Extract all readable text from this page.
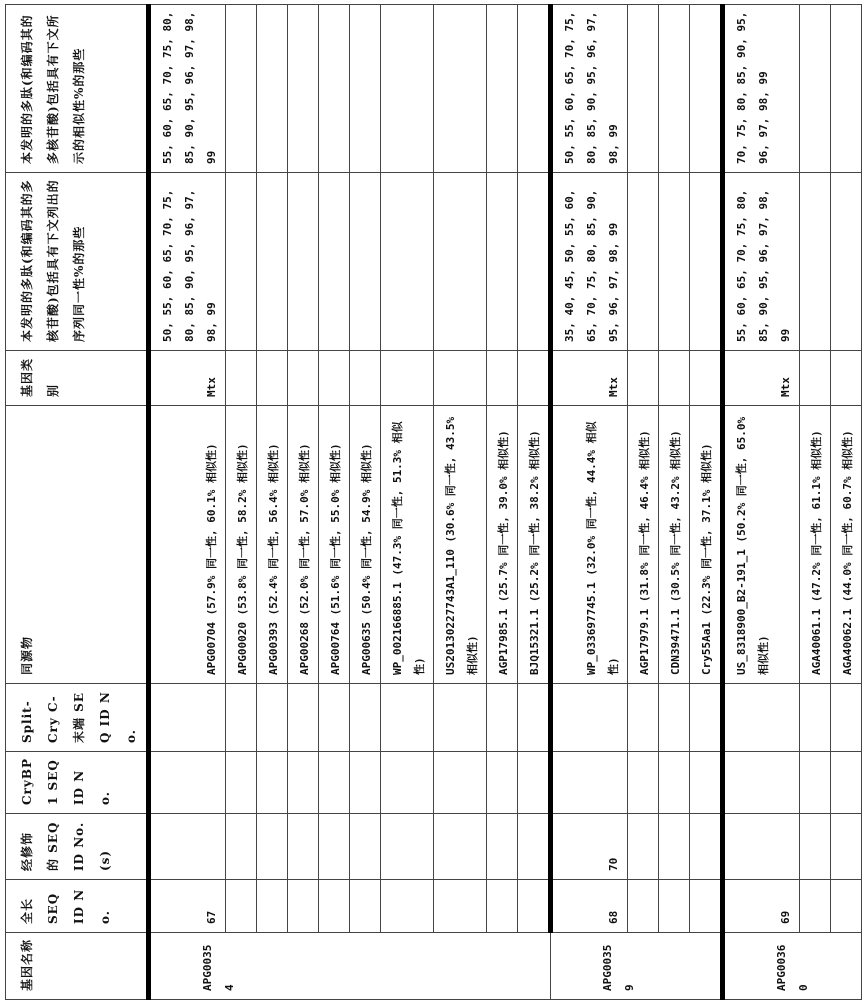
基因名称	全长 SEQ ID No.	经修饰的 SEQID No. (s)	CryBP1 SEQ ID No.	Split-Cry C-末端 SEQ ID No.	同源物	基因类别	本发明的多肽(和编码其的多核苷酸)包括具有下文列出的序列同一性%的那些	本发明的多肽(和编码其的多核苷酸)包括具有下文所示的相似性%的那些

APG00354	67				APG00704 (57.9% 同一性, 60.1% 相似性)	Mtx	50, 55, 60, 65, 70, 75, 80, 85, 90, 95, 96, 97, 98, 99	55, 60, 65, 70, 75, 80, 85, 90, 95, 96, 97, 98, 99
					APG00020 (53.8% 同一性, 58.2% 相似性)			
					APG00393 (52.4% 同一性, 56.4% 相似性)			
					APG00268 (52.0% 同一性, 57.0% 相似性)			
					APG00764 (51.6% 同一性, 55.0% 相似性)			
					APG00635 (50.4% 同一性, 54.9% 相似性)			
					WP_002166885.1 (47.3% 同一性, 51.3% 相似性)			
					US20130227743A1_110 (30.6% 同一性, 43.5% 相似性)			
					AGP17985.1 (25.7% 同一性, 39.0% 相似性)			
					BJQ15321.1 (25.2% 同一性, 38.2% 相似性)			

APG00359	68	70			WP_033697745.1 (32.0% 同一性, 44.4% 相似性)	Mtx	35, 40, 45, 50, 55, 60, 65, 70, 75, 80, 85, 90, 95, 96, 97, 98, 99	50, 55, 60, 65, 70, 75, 80, 85, 90, 95, 96, 97, 98, 99
					AGP17979.1 (31.8% 同一性, 46.4% 相似性)			
					CDN39471.1 (30.5% 同一性, 43.2% 相似性)			
					Cry55Aa1 (22.3% 同一性, 37.1% 相似性)			

APG00360	69				US_8318900_B2-191_1 (50.2% 同一性, 65.0% 相似性)	Mtx	55, 60, 65, 70, 75, 80, 85, 90, 95, 96, 97, 98, 99	70, 75, 80, 85, 90, 95, 96, 97, 98, 99
					AGA40061.1 (47.2% 同一性, 61.1% 相似性)			
					AGA40062.1 (44.0% 同一性, 60.7% 相似性)			
